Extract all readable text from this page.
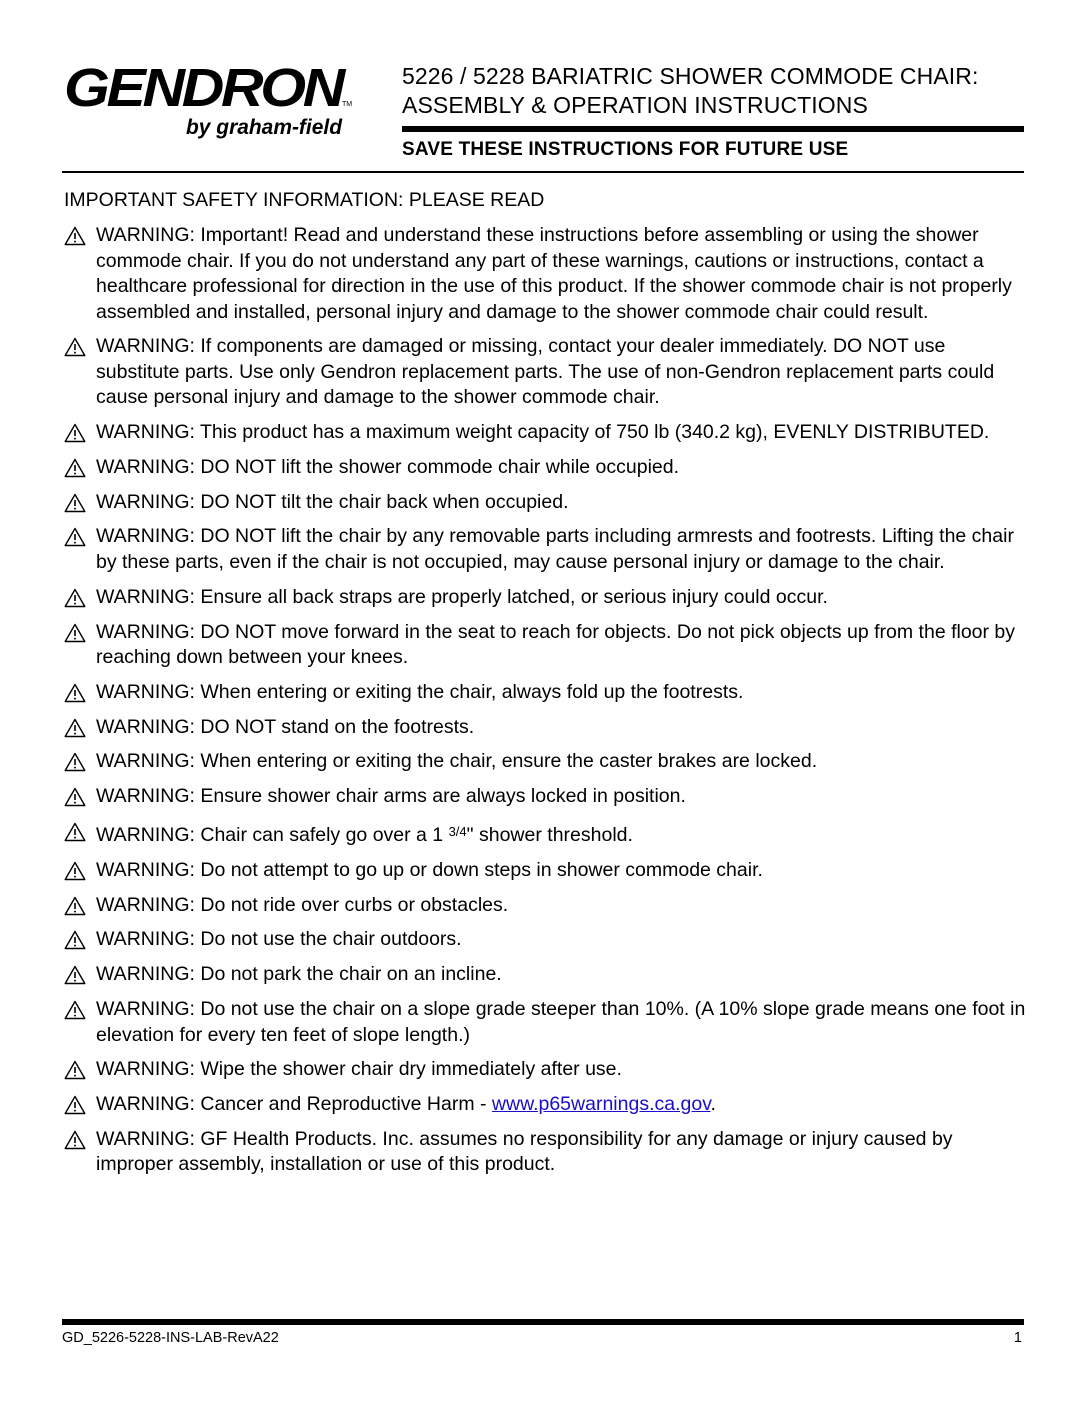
GENDRON
TM
by graham-field
5226 / 5228 BARIATRIC SHOWER COMMODE CHAIR:
ASSEMBLY & OPERATION INSTRUCTIONS
SAVE THESE INSTRUCTIONS FOR FUTURE USE
IMPORTANT SAFETY INFORMATION: PLEASE READ
WARNING: Important! Read and understand these instructions before assembling or using the shower commode chair. If you do not understand any part of these warnings, cautions or instructions, contact a healthcare professional for direction in the use of this product. If the shower commode chair is not properly assembled and installed, personal injury and damage to the shower commode chair could result.
WARNING: If components are damaged or missing, contact your dealer immediately. DO NOT use substitute parts. Use only Gendron replacement parts. The use of non-Gendron replacement parts could cause personal injury and damage to the shower commode chair.
WARNING: This product has a maximum weight capacity of 750 lb (340.2 kg), EVENLY DISTRIBUTED.
WARNING: DO NOT lift the shower commode chair while occupied.
WARNING: DO NOT tilt the chair back when occupied.
WARNING: DO NOT lift the chair by any removable parts including armrests and footrests. Lifting the chair by these parts, even if the chair is not occupied, may cause personal injury or damage to the chair.
WARNING: Ensure all back straps are properly latched, or serious injury could occur.
WARNING: DO NOT move forward in the seat to reach for objects. Do not pick objects up from the floor by reaching down between your knees.
WARNING: When entering or exiting the chair, always fold up the footrests.
WARNING: DO NOT stand on the footrests.
WARNING: When entering or exiting the chair, ensure the caster brakes are locked.
WARNING: Ensure shower chair arms are always locked in position.
WARNING: Chair can safely go over a 1 $^{3/4}$" shower threshold.
WARNING: Do not attempt to go up or down steps in shower commode chair.
WARNING: Do not ride over curbs or obstacles.
WARNING: Do not use the chair outdoors.
WARNING: Do not park the chair on an incline.
WARNING: Do not use the chair on a slope grade steeper than 10%. (A 10% slope grade means one foot in elevation for every ten feet of slope length.)
WARNING: Wipe the shower chair dry immediately after use.
WARNING: Cancer and Reproductive Harm - www.p65warnings.ca.gov.
WARNING: GF Health Products. Inc. assumes no responsibility for any damage or injury caused by improper assembly, installation or use of this product.
GD_5226-5228-INS-LAB-RevA22	1
